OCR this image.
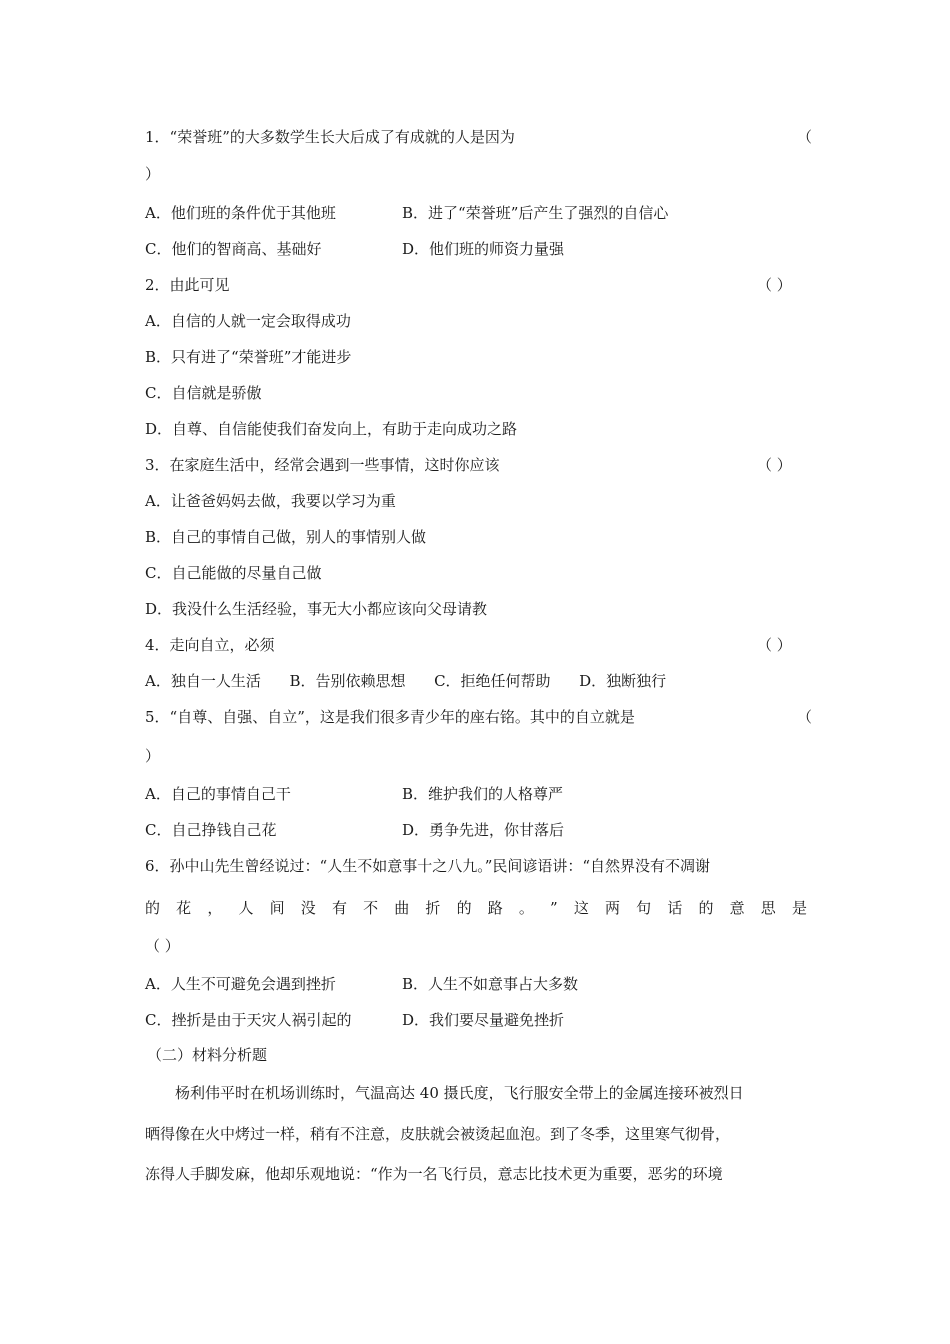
1．“荣誉班”的大多数学生长大后成了有成就的人是因为	（
）
A．他们班的条件优于其他班	B．进了“荣誉班”后产生了强烈的自信心
C．他们的智商高、基础好	D．他们班的师资力量强
2．由此可见	（ ）
A．自信的人就一定会取得成功
B．只有进了“荣誉班”才能进步
C．自信就是骄傲
D．自尊、自信能使我们奋发向上，有助于走向成功之路
3．在家庭生活中，经常会遇到一些事情，这时你应该	（ ）
A．让爸爸妈妈去做，我要以学习为重
B．自己的事情自己做，别人的事情别人做
C．自己能做的尽量自己做
D．我没什么生活经验，事无大小都应该向父母请教
4．走向自立，必须	（ ）
A．独自一人生活      B．告别依赖思想      C．拒绝任何帮助      D．独断独行
5．“自尊、自强、自立”，这是我们很多青少年的座右铭。其中的自立就是	（
）
A．自己的事情自己干	B．维护我们的人格尊严
C．自己挣钱自己花	D．勇争先进，你甘落后
6．孙中山先生曾经说过：“人生不如意事十之八九。”民间谚语讲：“自然界没有不凋谢
的 花 ， 人 间 没 有 不 曲 折 的 路 。 ” 这 两 句 话 的 意 思 是
（ ）
A．人生不可避免会遇到挫折	B．人生不如意事占大多数
C．挫折是由于天灾人祸引起的	D．我们要尽量避免挫折
（二）材料分析题
杨利伟平时在机场训练时，气温高达 40 摄氏度，飞行服安全带上的金属连接环被烈日
晒得像在火中烤过一样，稍有不注意，皮肤就会被烫起血泡。到了冬季，这里寒气彻骨，
冻得人手脚发麻，他却乐观地说：“作为一名飞行员，意志比技术更为重要，恶劣的环境
